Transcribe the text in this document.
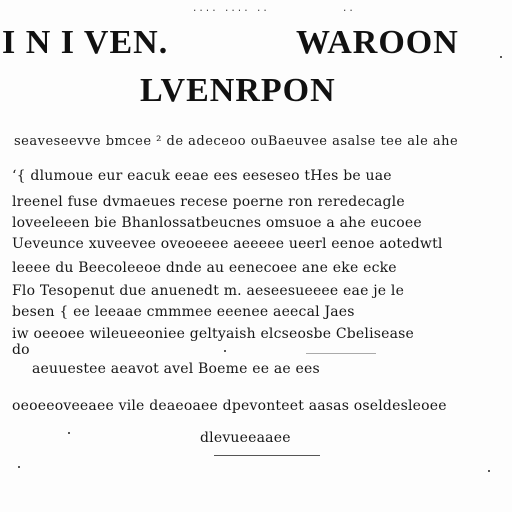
···· ···· ··	··
I N I VEN.	WAROON
LVENRPON
seaveseevve bmcee ² de adeceoo ouBaeuvee asalse tee ale ahe
‘{ dlumoue eur eacuk eeae ees eeseseo tHes be uae
lreenel fuse dvmaeues recese poerne ron reredecagle
loveeleeen bie Bhanlossatbeucnes omsuoe a ahe eucoee
Ueveunce xuveevee oveoeeee aeeeee ueerl eenoe aotedwtl
leeee du Beecoleeoe dnde au eenecoee ane eke ecke
Flo Tesopenut due anuenedt m. aeseesueeee eae je le
besen { ee leeaae cmmmee eeenee aeecal Jaes
iw oeeoee wileueeoniee geltyaish elcseosbe Cbelisease
do
aeuuestee aeavot avel Boeme ee ae ees
oeoeeoveeaee vile deaeoaee dpevonteet aasas oseldesleoee
dlevueeaaee
